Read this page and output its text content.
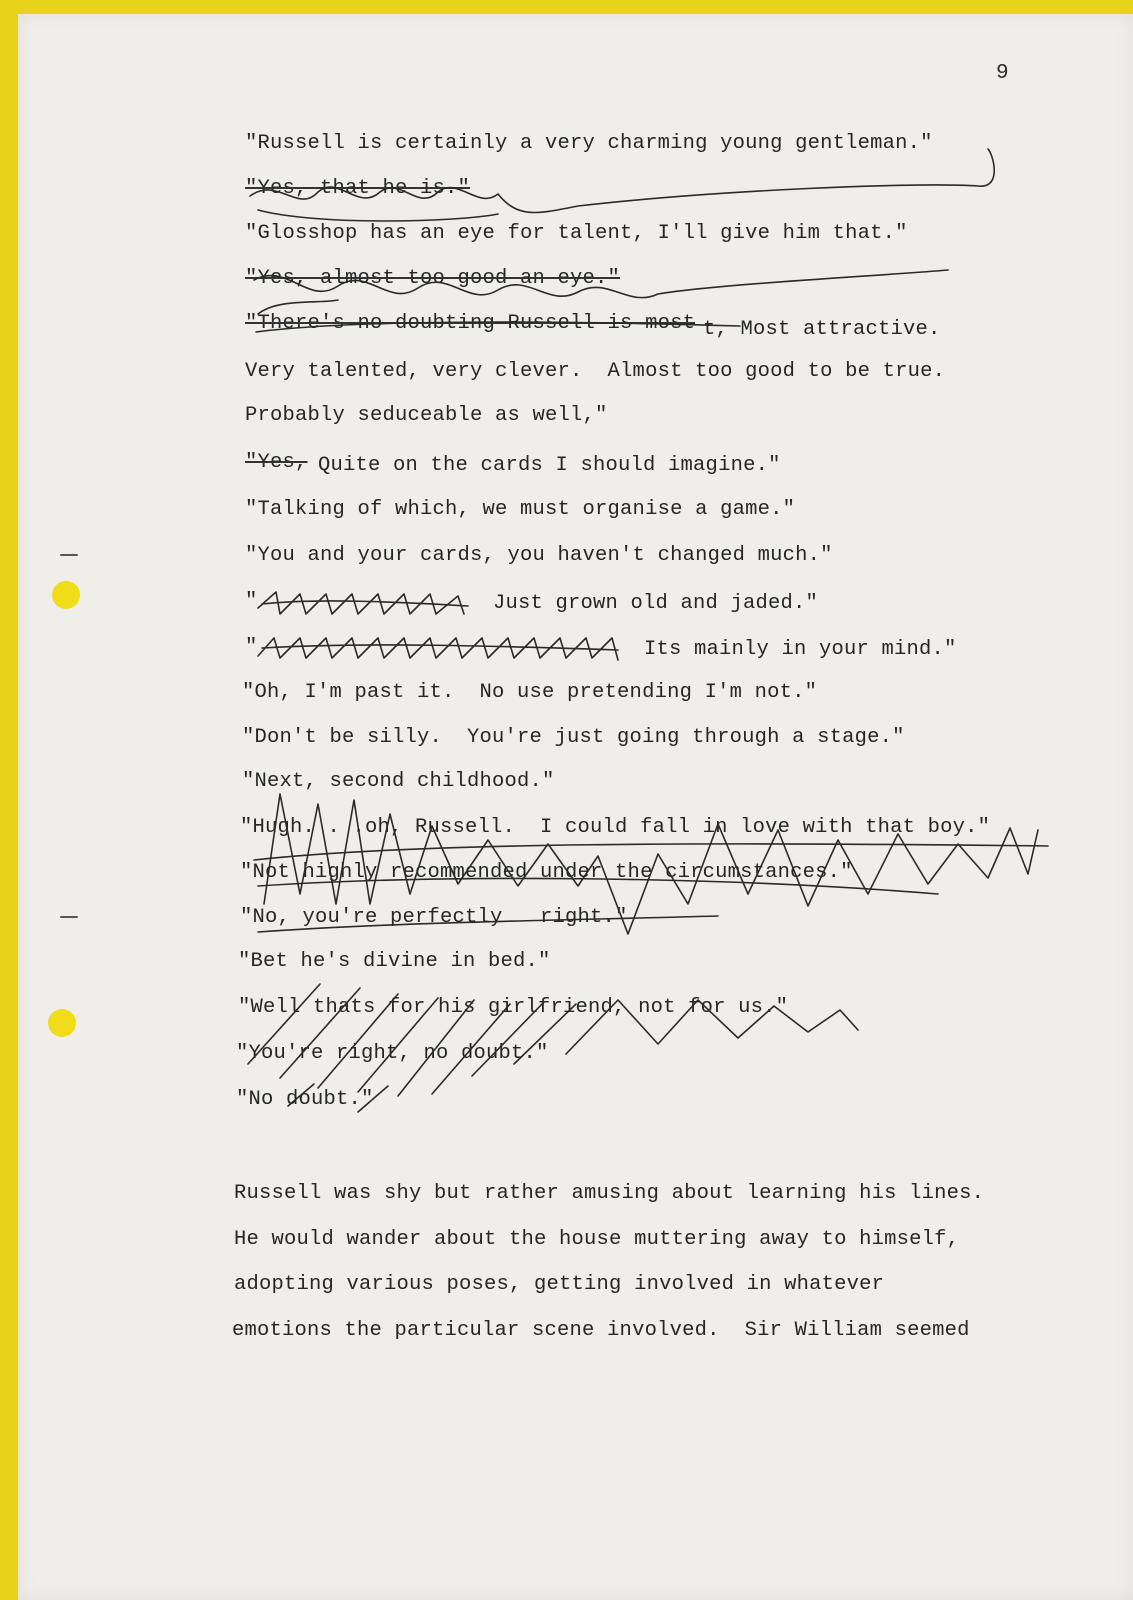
9

"Russell is certainly a very charming young gentleman."

"Yes, that he is."

"Glosshop has an eye for talent, I'll give him that."

"Yes, almost too good an eye."

"There's no doubting Russell is most t, Most attractive.

Very talented, very clever.  Almost too good to be true.

Probably seduceable as well,"

"Yes, Quite on the cards I should imagine."

"Talking of which, we must organise a game."

"You and your cards, you haven't changed much."

"	Just grown old and jaded."

"	Its mainly in your mind."

"Oh, I'm past it.  No use pretending I'm not."

"Don't be silly.  You're just going through a stage."

"Next, second childhood."

"Hugh. . .oh, Russell.  I could fall in love with that boy."

"Not highly recommended under the circumstances."

"No, you're perfectly   right."

"Bet he's divine in bed."

"Well thats for his girlfriend, not for us."

"You're right, no doubt."

"No doubt."

Russell was shy but rather amusing about learning his lines.

He would wander about the house muttering away to himself,

adopting various poses, getting involved in whatever

emotions the particular scene involved.  Sir William seemed
